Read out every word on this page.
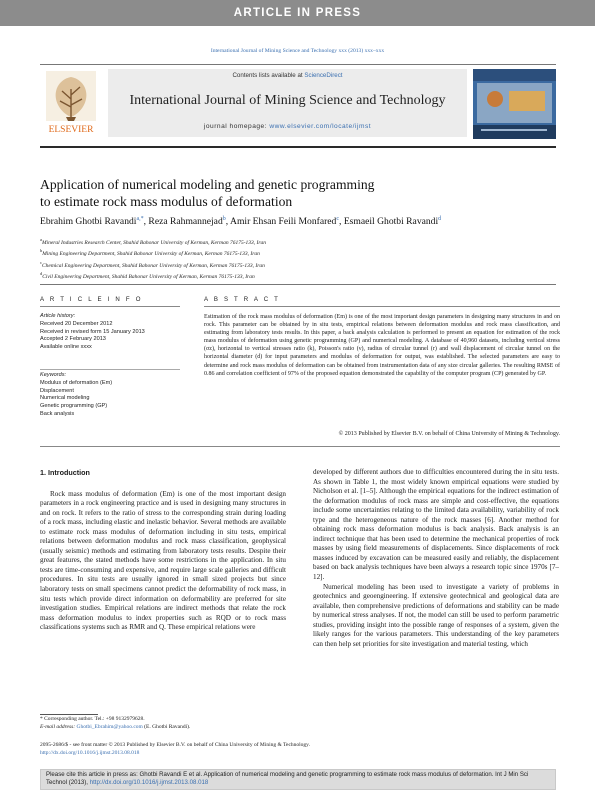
ARTICLE IN PRESS
International Journal of Mining Science and Technology xxx (2013) xxx–xxx
ELSEVIER
Contents lists available at ScienceDirect
International Journal of Mining Science and Technology
journal homepage: www.elsevier.com/locate/ijmst
Application of numerical modeling and genetic programming
to estimate rock mass modulus of deformation
Ebrahim Ghotbi Ravandi$^{a,*}$, Reza Rahmannejad$^b$, Amir Ehsan Feili Monfared$^c$, Esmaeil Ghotbi Ravandi$^d$
$^a$Mineral Industries Research Center, Shahid Bahonar University of Kerman, Kerman 76175-133, Iran
$^b$Mining Engineering Department, Shahid Bahonar University of Kerman, Kerman 76175-133, Iran
$^c$Chemical Engineering Department, Shahid Bahonar University of Kerman, Kerman 76175-133, Iran
$^d$Civil Engineering Department, Shahid Bahonar University of Kerman, Kerman 76175-133, Iran
A R T I C L E I N F O	A B S T R A C T
Article history:
Received 20 December 2012
Received in revised form 15 January 2013
Accepted 2 February 2013
Available online xxxx
Keywords:
Modulus of deformation (Em)
Displacement
Numerical modeling
Genetic programming (GP)
Back analysis
Estimation of the rock mass modulus of deformation (Em) is one of the most important design parameters in designing many structures in and on rock. This parameter can be obtained by in situ tests, empirical relations between deformation modulus and rock mass classification, and estimating from laboratory tests results. In this paper, a back analysis calculation is performed to present an equation for estimation of the rock mass modulus of deformation using genetic programming (GP) and numerical modeling. A database of 40,960 datasets, including vertical stress (σz), horizontal to vertical stresses ratio (k), Poisson's ratio (ν), radius of circular tunnel (r) and wall displacement of circular tunnel on the horizontal diameter (d) for input parameters and modulus of deformation for output, was established. The selected parameters are easy to determine and rock mass modulus of deformation can be obtained from instrumentation data of any size circular galleries. The resulting RMSE of 0.86 and correlation coefficient of 97% of the proposed equation demonstrated the capability of the computer program (CP) generated by GP.
© 2013 Published by Elsevier B.V. on behalf of China University of Mining & Technology.
1. Introduction

Rock mass modulus of deformation (Em) is one of the most important design parameters in a rock engineering practice and is used in designing many structures in and on rock. It refers to the ratio of stress to the corresponding strain during loading of a rock mass, including elastic and inelastic behavior. Several methods are available to estimate rock mass modulus of deformation including in situ tests, empirical relations between deformation modulus and rock mass classification, geophysical (usually seismic) methods and estimating from laboratory tests results. Despite their great features, the stated methods have some restrictions in the application. In situ tests are time-consuming and expensive, and require large scale galleries and difficult procedures. In situ tests are usually ignored in small sized projects but since laboratory tests on small specimens cannot predict the deformability of rock mass, in situ tests which provide direct information on deformability are preferred for site investigation studies. Empirical relations are indirect methods that relate the rock mass deformation modulus to index properties such as RQD or to rock mass classifications systems such as RMR and Q. These empirical relations were

developed by different authors due to difficulties encountered during the in situ tests. As shown in Table 1, the most widely known empirical equations were studied by Nicholson et al. [1–5]. Although the empirical equations for the indirect estimation of the deformation modulus of rock mass are simple and cost-effective, the equations include some uncertainties relating to the limited data availability, variability of rock type and the heterogeneous nature of the rock masses [6]. Another method for obtaining rock mass deformation modulus is back analysis. Back analysis is an indirect technique that has been used to determine the mechanical properties of rock masses by using field measurements of displacements. Since displacements of rock masses induced by excavation can be measured easily and reliably, the displacement based on back analysis techniques have been always a research topic since 1970s [7–12].

Numerical modeling has been used to investigate a variety of problems in geotechnics and geoengineering. If extensive geotechnical and geological data are available, then comprehensive predictions of deformations and stability can be made by numerical stress analyses. If not, the model can still be used to perform parametric studies, providing insight into the possible range of responses of a system, given the likely ranges for the various parameters. This understanding of the key parameters can then help set priorities for site investigation and material testing, which

* Corresponding author. Tel.: +98 9132979628.
E-mail address: Ghotbi_Ebrahim@yahoo.com (E. Ghotbi Ravandi).
2095-2686/$ - see front matter © 2013 Published by Elsevier B.V. on behalf of China University of Mining & Technology.
http://dx.doi.org/10.1016/j.ijmst.2013.08.018
Please cite this article in press as: Ghotbi Ravandi E et al. Application of numerical modeling and genetic programming to estimate rock mass modulus of deformation. Int J Min Sci Technol (2013), http://dx.doi.org/10.1016/j.ijmst.2013.08.018
